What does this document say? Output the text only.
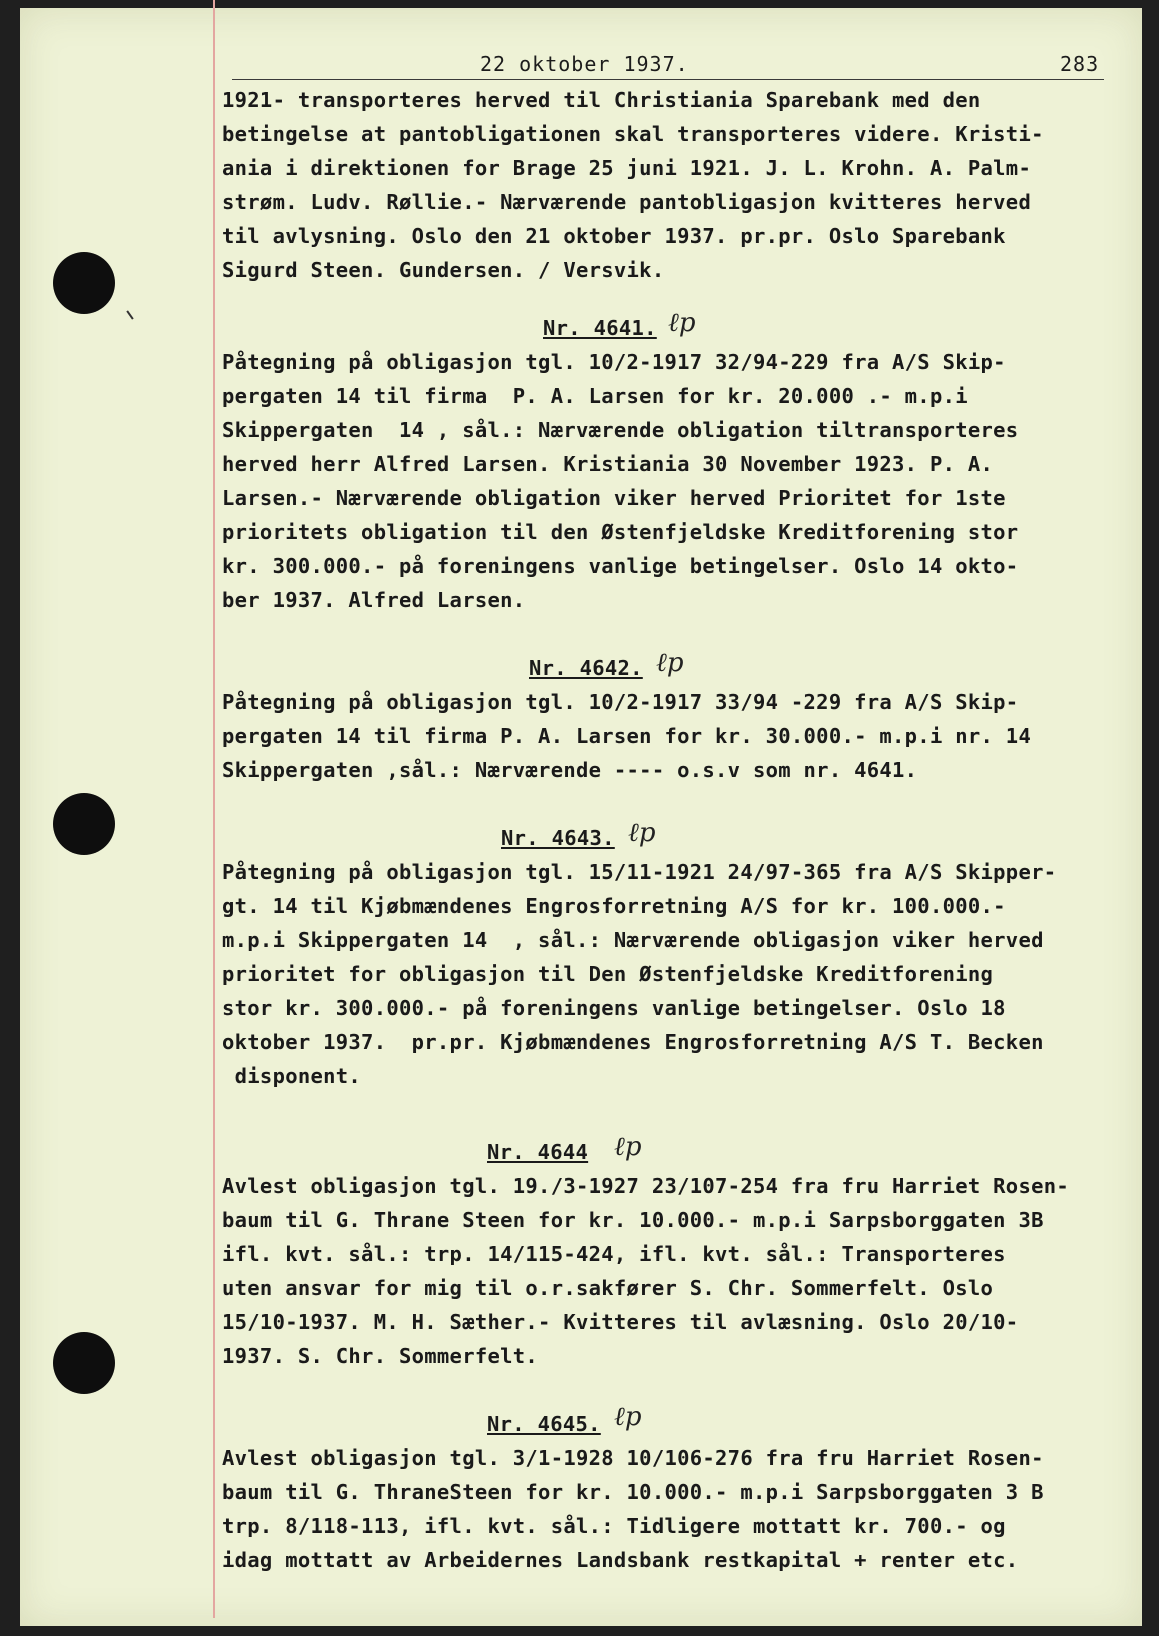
22 oktober 1937.	283
1921- transporteres herved til Christiania Sparebank med den
betingelse at pantobligationen skal transporteres videre. Kristi-
ania i direktionen for Brage 25 juni 1921. J. L. Krohn. A. Palm-
strøm. Ludv. Røllie.- Nærværende pantobligasjon kvitteres herved
til avlysning. Oslo den 21 oktober 1937. pr.pr. Oslo Sparebank
Sigurd Steen. Gundersen. / Versvik.
Nr. 4641. ℓp
Påtegning på obligasjon tgl. 10/2-1917 32/94-229 fra A/S Skip-
pergaten 14 til firma  P. A. Larsen for kr. 20.000 .- m.p.i
Skippergaten  14 , sål.: Nærværende obligation tiltransporteres
herved herr Alfred Larsen. Kristiania 30 November 1923. P. A.
Larsen.- Nærværende obligation viker herved Prioritet for 1ste
prioritets obligation til den Østenfjeldske Kreditforening stor
kr. 300.000.- på foreningens vanlige betingelser. Oslo 14 okto-
ber 1937. Alfred Larsen.
Nr. 4642. ℓp
Påtegning på obligasjon tgl. 10/2-1917 33/94 -229 fra A/S Skip-
pergaten 14 til firma P. A. Larsen for kr. 30.000.- m.p.i nr. 14
Skippergaten ,sål.: Nærværende ---- o.s.v som nr. 4641.
Nr. 4643. ℓp
Påtegning på obligasjon tgl. 15/11-1921 24/97-365 fra A/S Skipper-
gt. 14 til Kjøbmændenes Engrosforretning A/S for kr. 100.000.-
m.p.i Skippergaten 14  , sål.: Nærværende obligasjon viker herved
prioritet for obligasjon til Den Østenfjeldske Kreditforening
stor kr. 300.000.- på foreningens vanlige betingelser. Oslo 18
oktober 1937.  pr.pr. Kjøbmændenes Engrosforretning A/S T. Becken
disponent.
Nr. 4644 ℓp
Avlest obligasjon tgl. 19./3-1927 23/107-254 fra fru Harriet Rosen-
baum til G. Thrane Steen for kr. 10.000.- m.p.i Sarpsborggaten 3B
ifl. kvt. sål.: trp. 14/115-424, ifl. kvt. sål.: Transporteres
uten ansvar for mig til o.r.sakfører S. Chr. Sommerfelt. Oslo
15/10-1937. M. H. Sæther.- Kvitteres til avlæsning. Oslo 20/10-
1937. S. Chr. Sommerfelt.
Nr. 4645. ℓp
Avlest obligasjon tgl. 3/1-1928 10/106-276 fra fru Harriet Rosen-
baum til G. ThraneSteen for kr. 10.000.- m.p.i Sarpsborggaten 3 B
trp. 8/118-113, ifl. kvt. sål.: Tidligere mottatt kr. 700.- og
idag mottatt av Arbeidernes Landsbank restkapital + renter etc.
